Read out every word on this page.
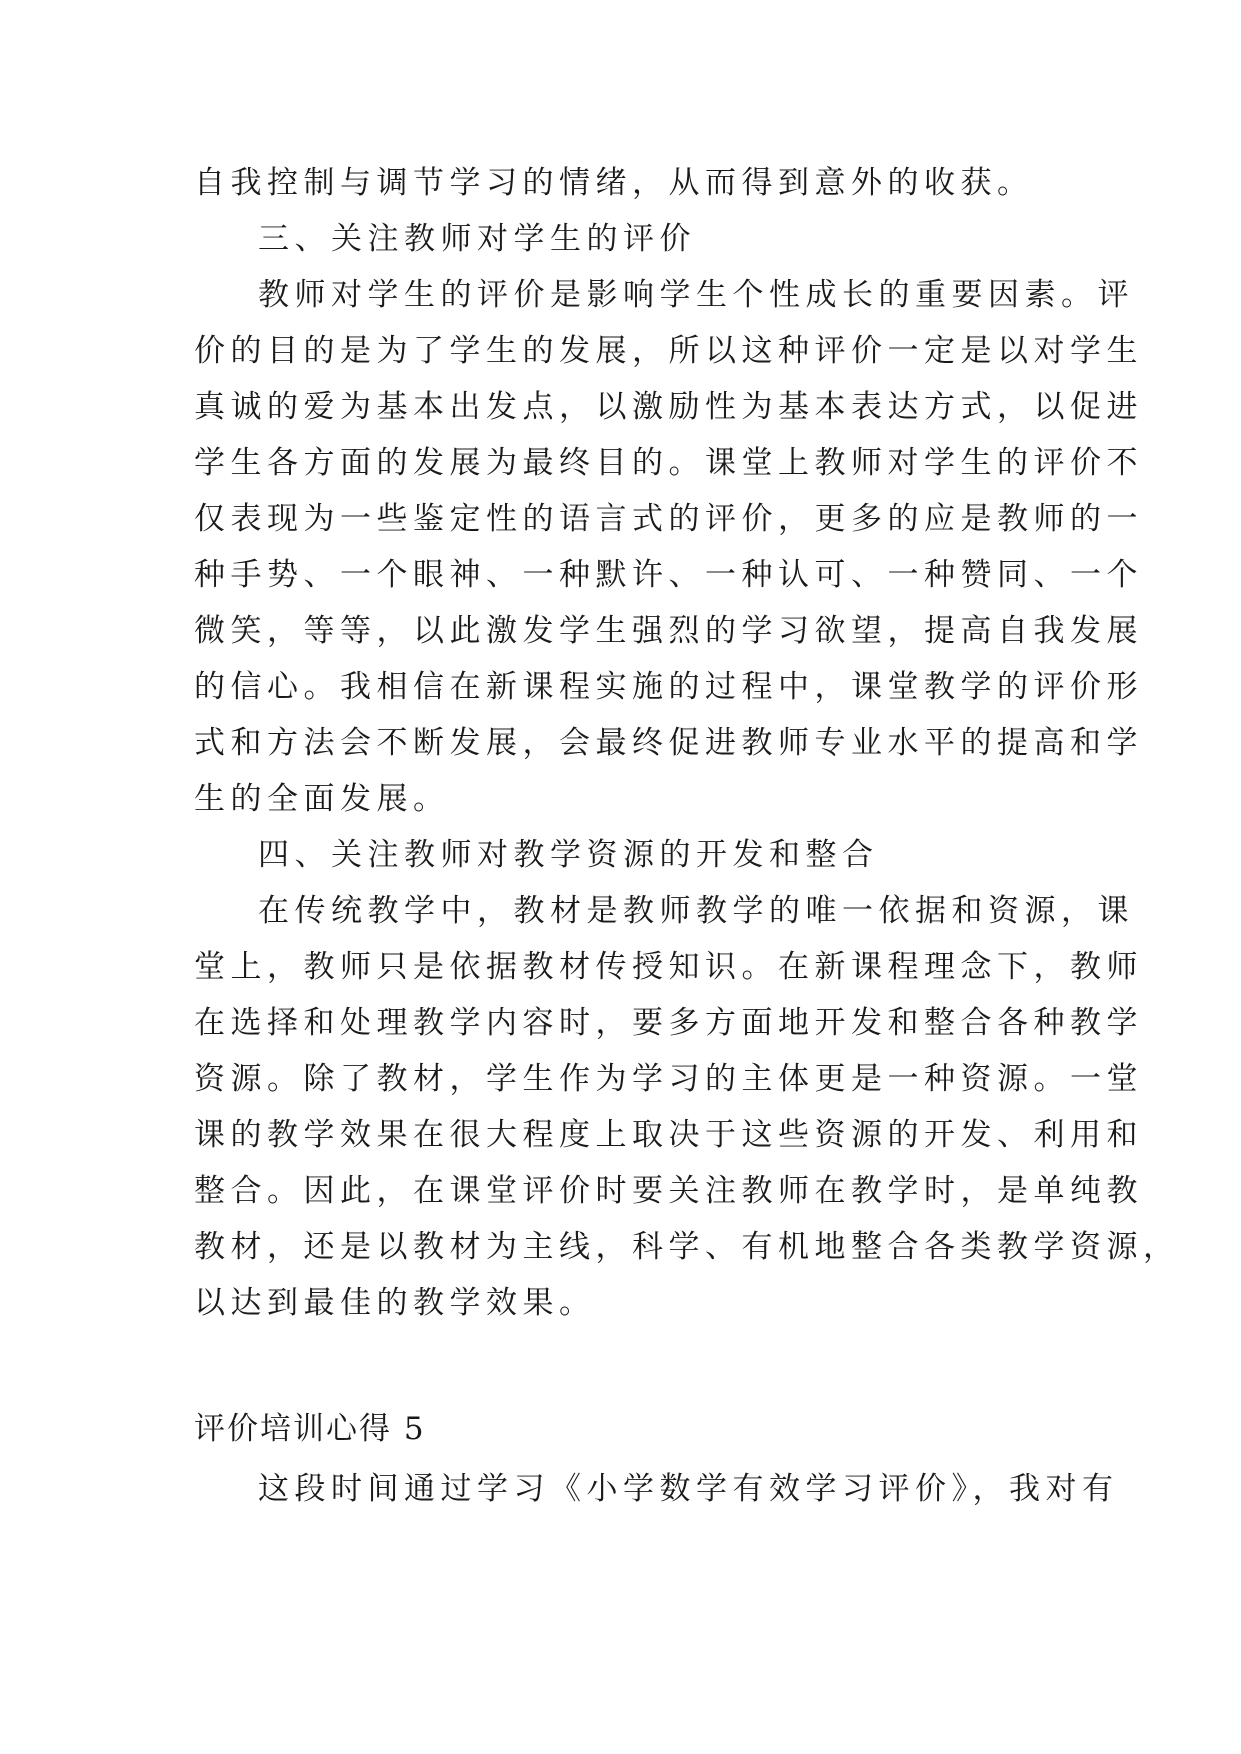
自我控制与调节学习的情绪，从而得到意外的收获。
三、关注教师对学生的评价
教师对学生的评价是影响学生个性成长的重要因素。评
价的目的是为了学生的发展，所以这种评价一定是以对学生
真诚的爱为基本出发点，以激励性为基本表达方式，以促进
学生各方面的发展为最终目的。课堂上教师对学生的评价不
仅表现为一些鉴定性的语言式的评价，更多的应是教师的一
种手势、一个眼神、一种默许、一种认可、一种赞同、一个
微笑，等等，以此激发学生强烈的学习欲望，提高自我发展
的信心。我相信在新课程实施的过程中，课堂教学的评价形
式和方法会不断发展，会最终促进教师专业水平的提高和学
生的全面发展。
四、关注教师对教学资源的开发和整合
在传统教学中，教材是教师教学的唯一依据和资源，课
堂上，教师只是依据教材传授知识。在新课程理念下，教师
在选择和处理教学内容时，要多方面地开发和整合各种教学
资源。除了教材，学生作为学习的主体更是一种资源。一堂
课的教学效果在很大程度上取决于这些资源的开发、利用和
整合。因此，在课堂评价时要关注教师在教学时，是单纯教
教材，还是以教材为主线，科学、有机地整合各类教学资源，
以达到最佳的教学效果。
评价培训心得 5
这段时间通过学习《小学数学有效学习评价》，我对有
